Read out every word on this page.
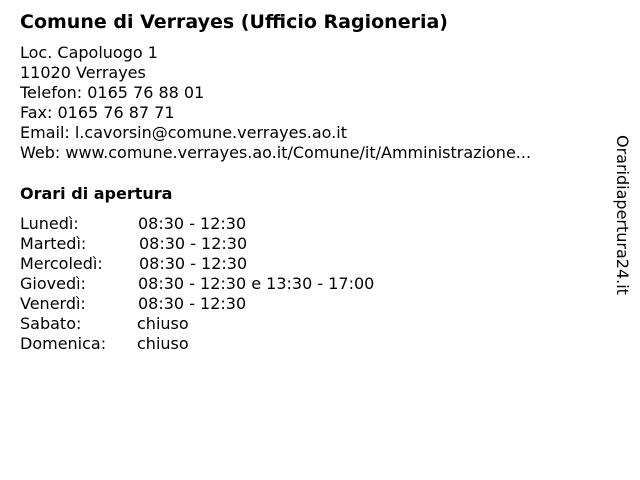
Comune di Verrayes (Ufficio Ragioneria)
Loc. Capoluogo 1
11020 Verrayes
Telefon: 0165 76 88 01
Fax: 0165 76 87 71
Email: l.cavorsin@comune.verrayes.ao.it
Web: www.comune.verrayes.ao.it/Comune/it/Amministrazione...
Orari di apertura
Lunedì:	08:30 - 12:30
Martedì:	08:30 - 12:30
Mercoledì: 08:30 - 12:30
Giovedì:	08:30 - 12:30 e 13:30 - 17:00
Venerdì:	08:30 - 12:30
Sabato:	chiuso
Domenica: chiuso
Oraridiapertura24.it
